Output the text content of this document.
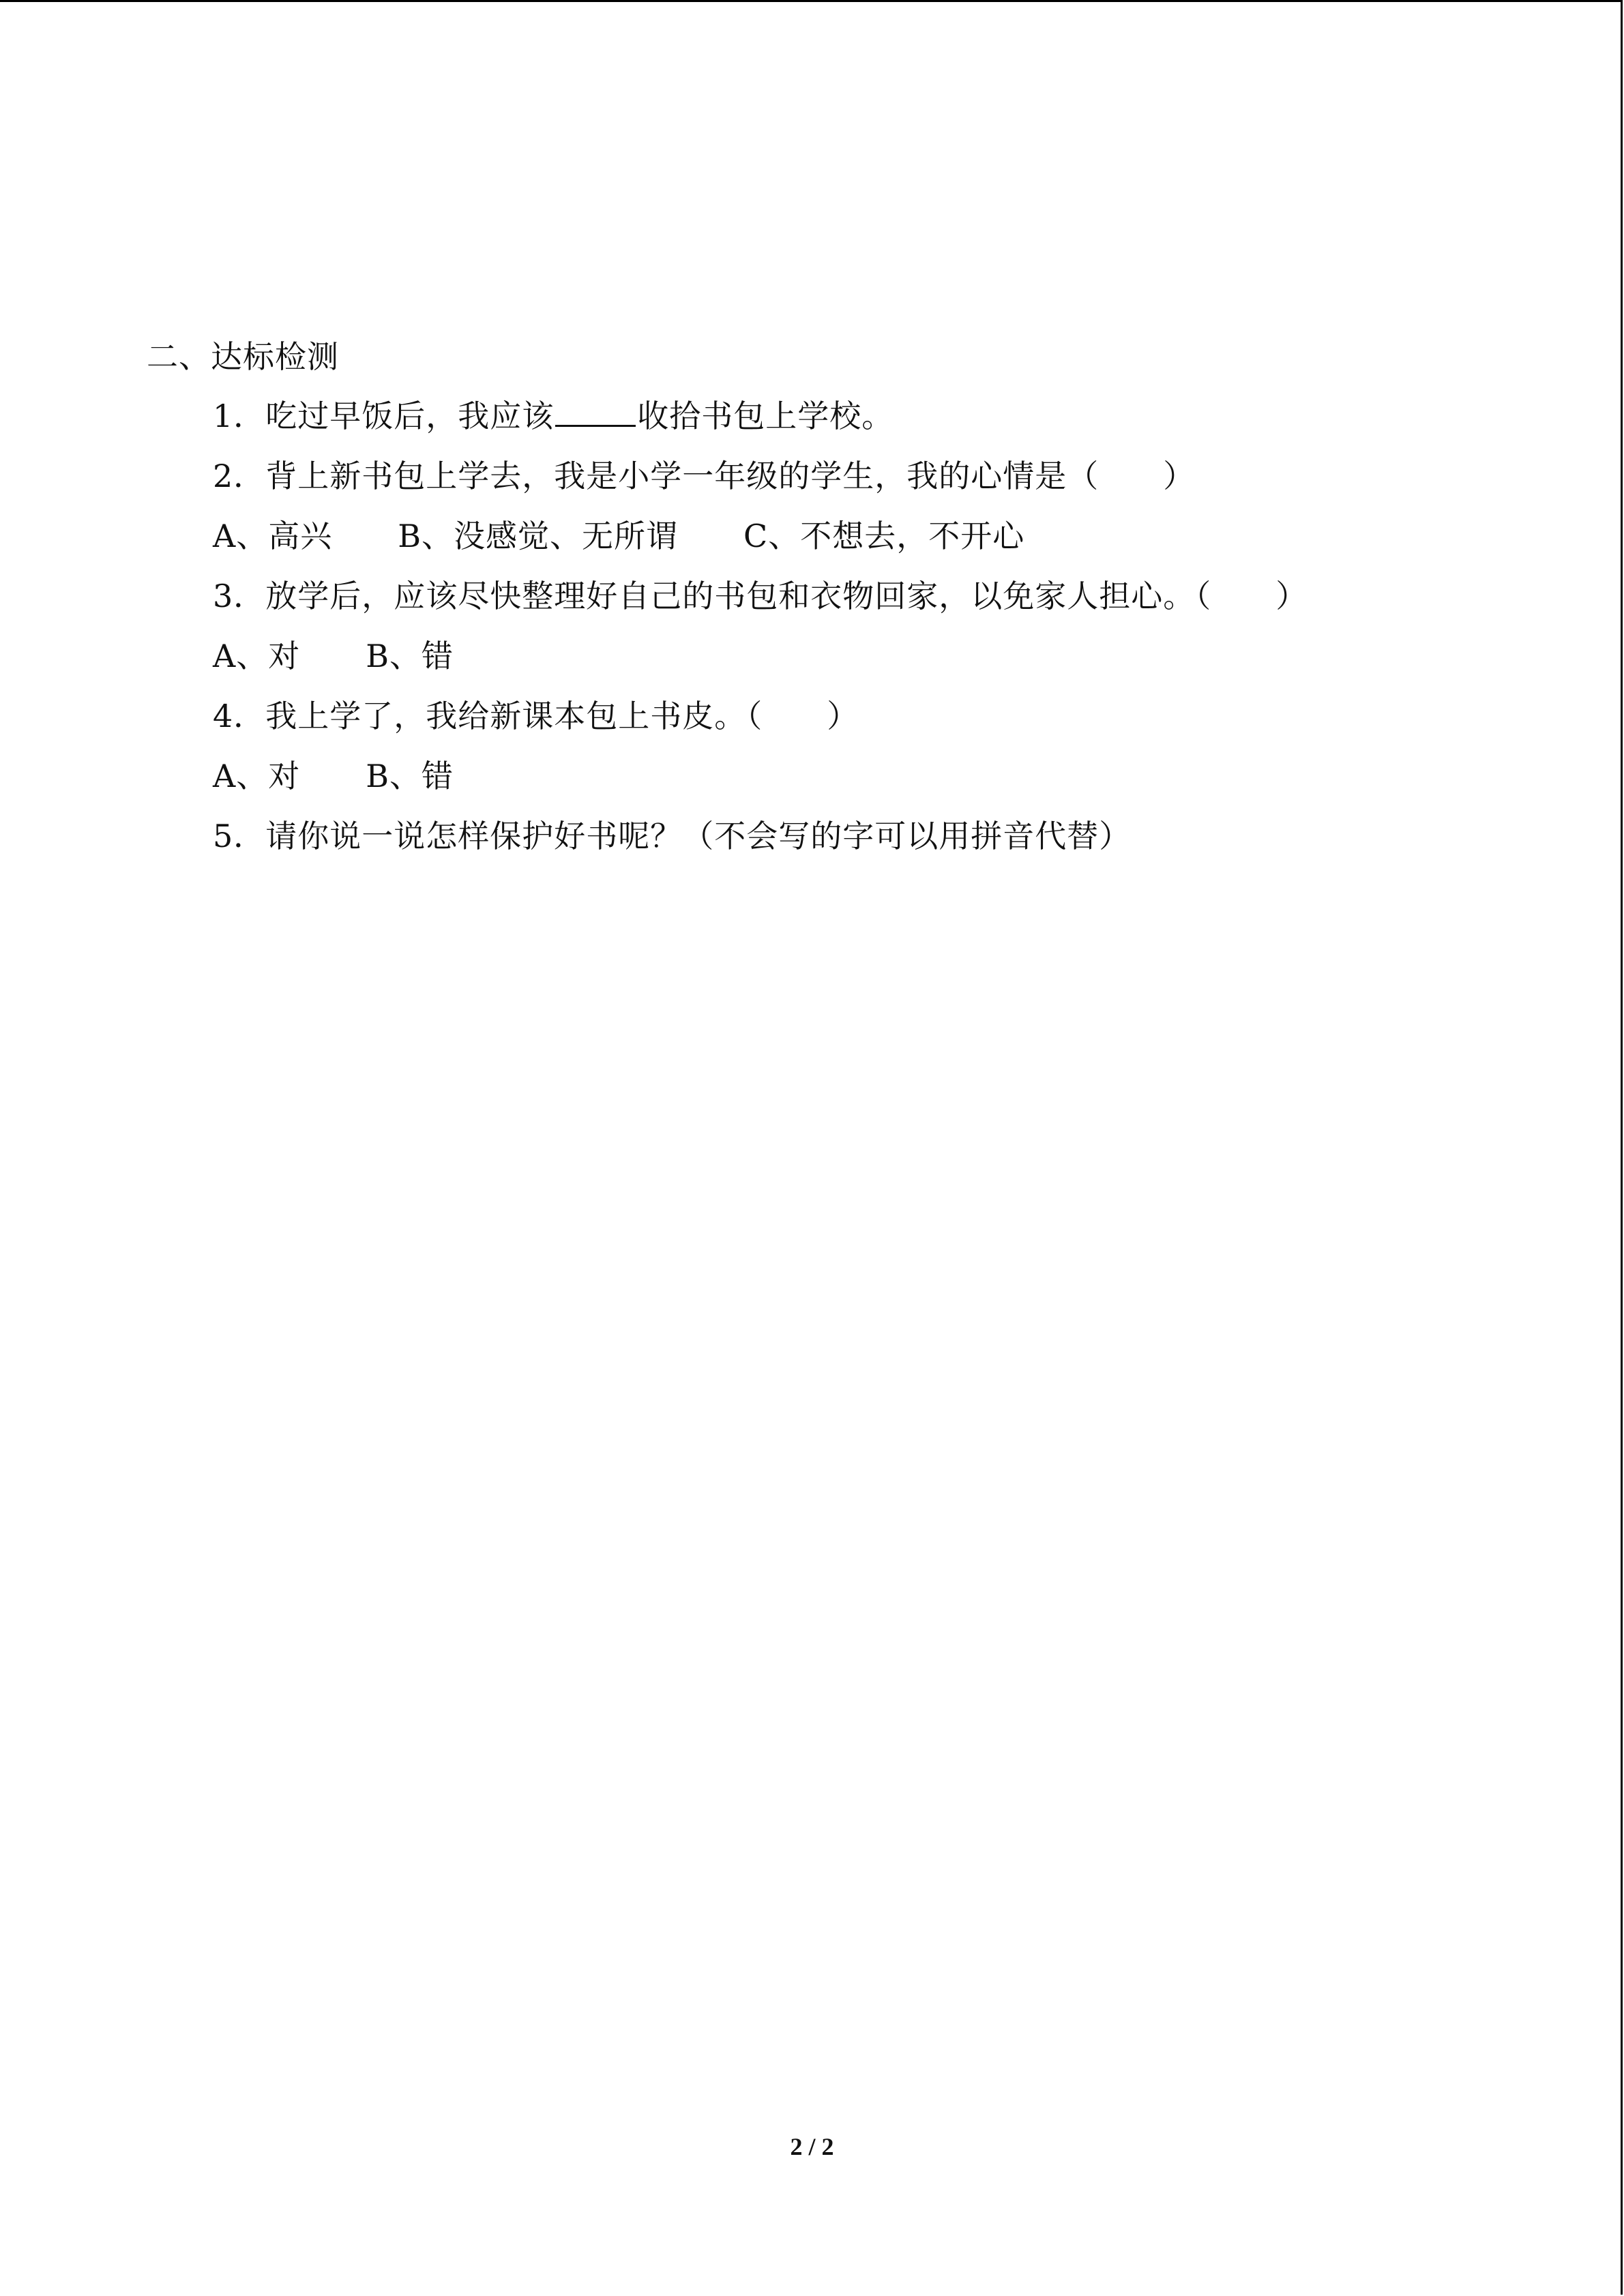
二、达标检测
1．吃过早饭后，我应该	收拾书包上学校。
2．背上新书包上学去，我是小学一年级的学生，我的心情是（　　）
A、高兴 B、没感觉、无所谓 C、不想去，不开心
3．放学后，应该尽快整理好自己的书包和衣物回家，以免家人担心。（　　）
A、对 B、错
4．我上学了，我给新课本包上书皮。（　　）
A、对 B、错
5．请你说一说怎样保护好书呢？（不会写的字可以用拼音代替）
2 / 2
